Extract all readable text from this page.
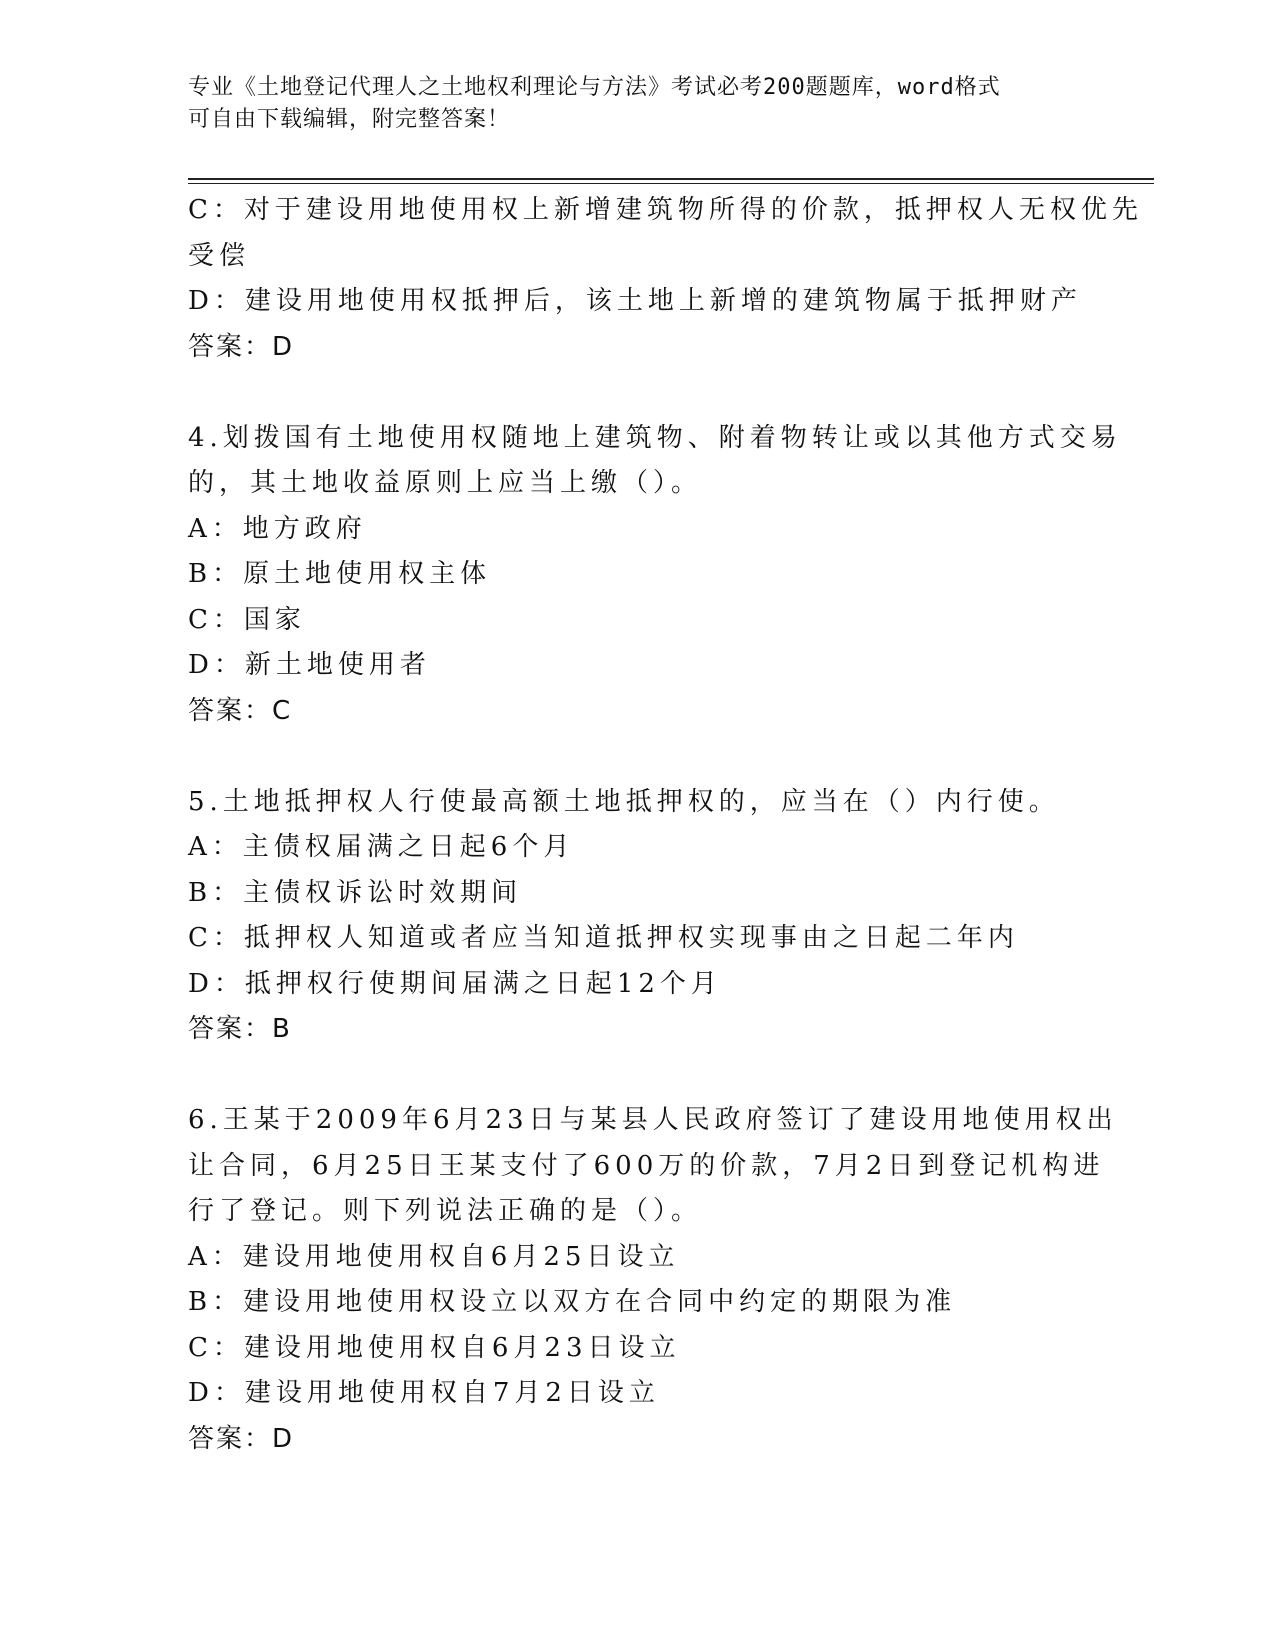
专业《土地登记代理人之土地权利理论与方法》考试必考200题题库，word格式
可自由下载编辑，附完整答案！
C：对于建设用地使用权上新增建筑物所得的价款，抵押权人无权优先
受偿
D：建设用地使用权抵押后，该土地上新增的建筑物属于抵押财产
答案：D
4.划拨国有土地使用权随地上建筑物、附着物转让或以其他方式交易
的，其土地收益原则上应当上缴（）。
A：地方政府
B：原土地使用权主体
C：国家
D：新土地使用者
答案：C
5.土地抵押权人行使最高额土地抵押权的，应当在（）内行使。
A：主债权届满之日起6个月
B：主债权诉讼时效期间
C：抵押权人知道或者应当知道抵押权实现事由之日起二年内
D：抵押权行使期间届满之日起12个月
答案：B
6.王某于2009年6月23日与某县人民政府签订了建设用地使用权出
让合同，6月25日王某支付了600万的价款，7月2日到登记机构进
行了登记。则下列说法正确的是（）。
A：建设用地使用权自6月25日设立
B：建设用地使用权设立以双方在合同中约定的期限为准
C：建设用地使用权自6月23日设立
D：建设用地使用权自7月2日设立
答案：D
